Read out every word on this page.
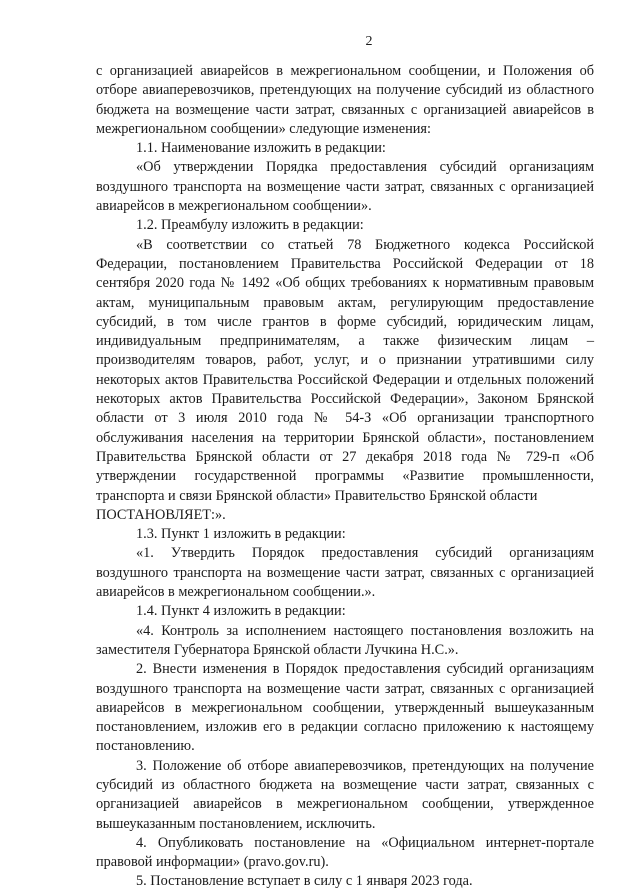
2

с организацией авиарейсов в межрегиональном сообщении, и Положения об отборе авиаперевозчиков, претендующих на получение субсидий из областного бюджета на возмещение части затрат, связанных с организацией авиарейсов в межрегиональном сообщении» следующие изменения:

1.1. Наименование изложить в редакции:

«Об утверждении Порядка предоставления субсидий организациям воздушного транспорта на возмещение части затрат, связанных с организацией авиарейсов в межрегиональном сообщении».

1.2. Преамбулу изложить в редакции:

«В соответствии со статьей 78 Бюджетного кодекса Российской Федерации, постановлением Правительства Российской Федерации от 18 сентября 2020 года № 1492 «Об общих требованиях к нормативным правовым актам, муниципальным правовым актам, регулирующим предоставление субсидий, в том числе грантов в форме субсидий, юридическим лицам, индивидуальным предпринимателям, а также физическим лицам – производителям товаров, работ, услуг, и о признании утратившими силу некоторых актов Правительства Российской Федерации и отдельных положений некоторых актов Правительства Российской Федерации», Законом Брянской области от 3 июля 2010 года № 54-З «Об организации транспортного обслуживания населения на территории Брянской области», постановлением Правительства Брянской области от 27 декабря 2018 года № 729-п «Об утверждении государственной программы «Развитие промышленности, транспорта и связи Брянской области» Правительство Брянской области

ПОСТАНОВЛЯЕТ:».

1.3. Пункт 1 изложить в редакции:

«1. Утвердить Порядок предоставления субсидий организациям воздушного транспорта на возмещение части затрат, связанных с организацией авиарейсов в межрегиональном сообщении.».

1.4. Пункт 4 изложить в редакции:

«4. Контроль за исполнением настоящего постановления возложить на заместителя Губернатора Брянской области Лучкина Н.С.».

2. Внести изменения в Порядок предоставления субсидий организациям воздушного транспорта на возмещение части затрат, связанных с организацией авиарейсов в межрегиональном сообщении, утвержденный вышеуказанным постановлением, изложив его в редакции согласно приложению к настоящему постановлению.

3. Положение об отборе авиаперевозчиков, претендующих на получение субсидий из областного бюджета на возмещение части затрат, связанных с организацией авиарейсов в межрегиональном сообщении, утвержденное вышеуказанным постановлением, исключить.

4. Опубликовать постановление на «Официальном интернет-портале правовой информации» (pravo.gov.ru).

5. Постановление вступает в силу с 1 января 2023 года.
